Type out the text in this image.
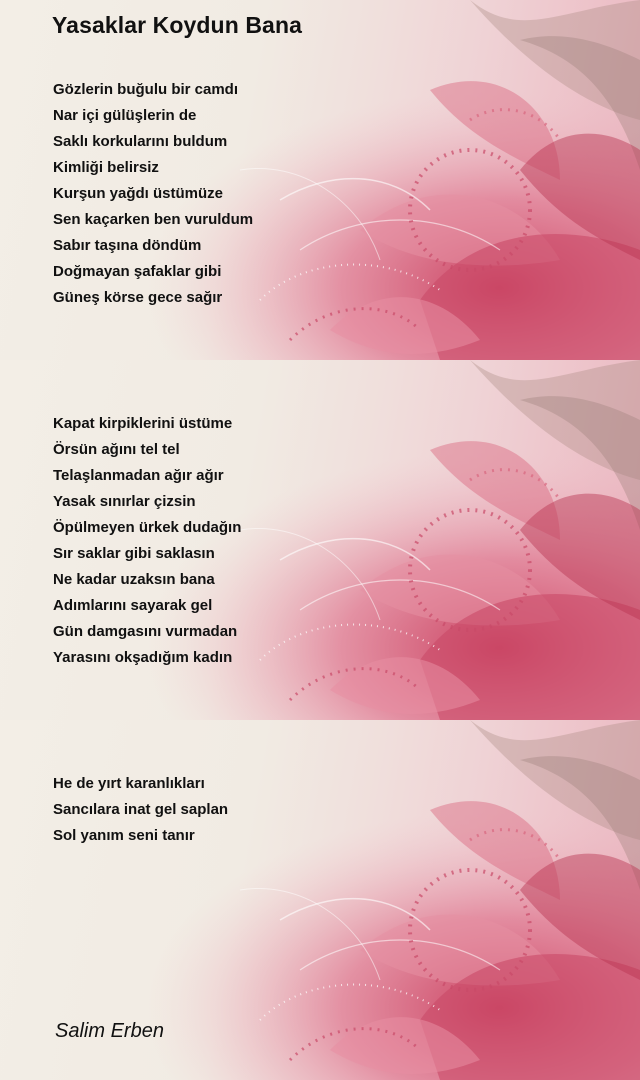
Yasaklar Koydun Bana
Gözlerin buğulu bir camdı
Nar içi gülüşlerin de
Saklı korkularını buldum
Kimliği belirsiz
Kurşun yağdı üstümüze
Sen kaçarken ben vuruldum
Sabır taşına döndüm
Doğmayan şafaklar gibi
Güneş körse gece sağır
Kapat kirpiklerini üstüme
Örsün ağını tel tel
Telaşlanmadan ağır ağır
Yasak sınırlar çizsin
Öpülmeyen ürkek dudağın
Sır saklar gibi saklasın
Ne kadar uzaksın bana
Adımlarını sayarak gel
Gün damgasını vurmadan
Yarasını okşadığım kadın
He de yırt karanlıkları
Sancılara inat gel saplan
Sol yanım seni tanır

Salim Erben
